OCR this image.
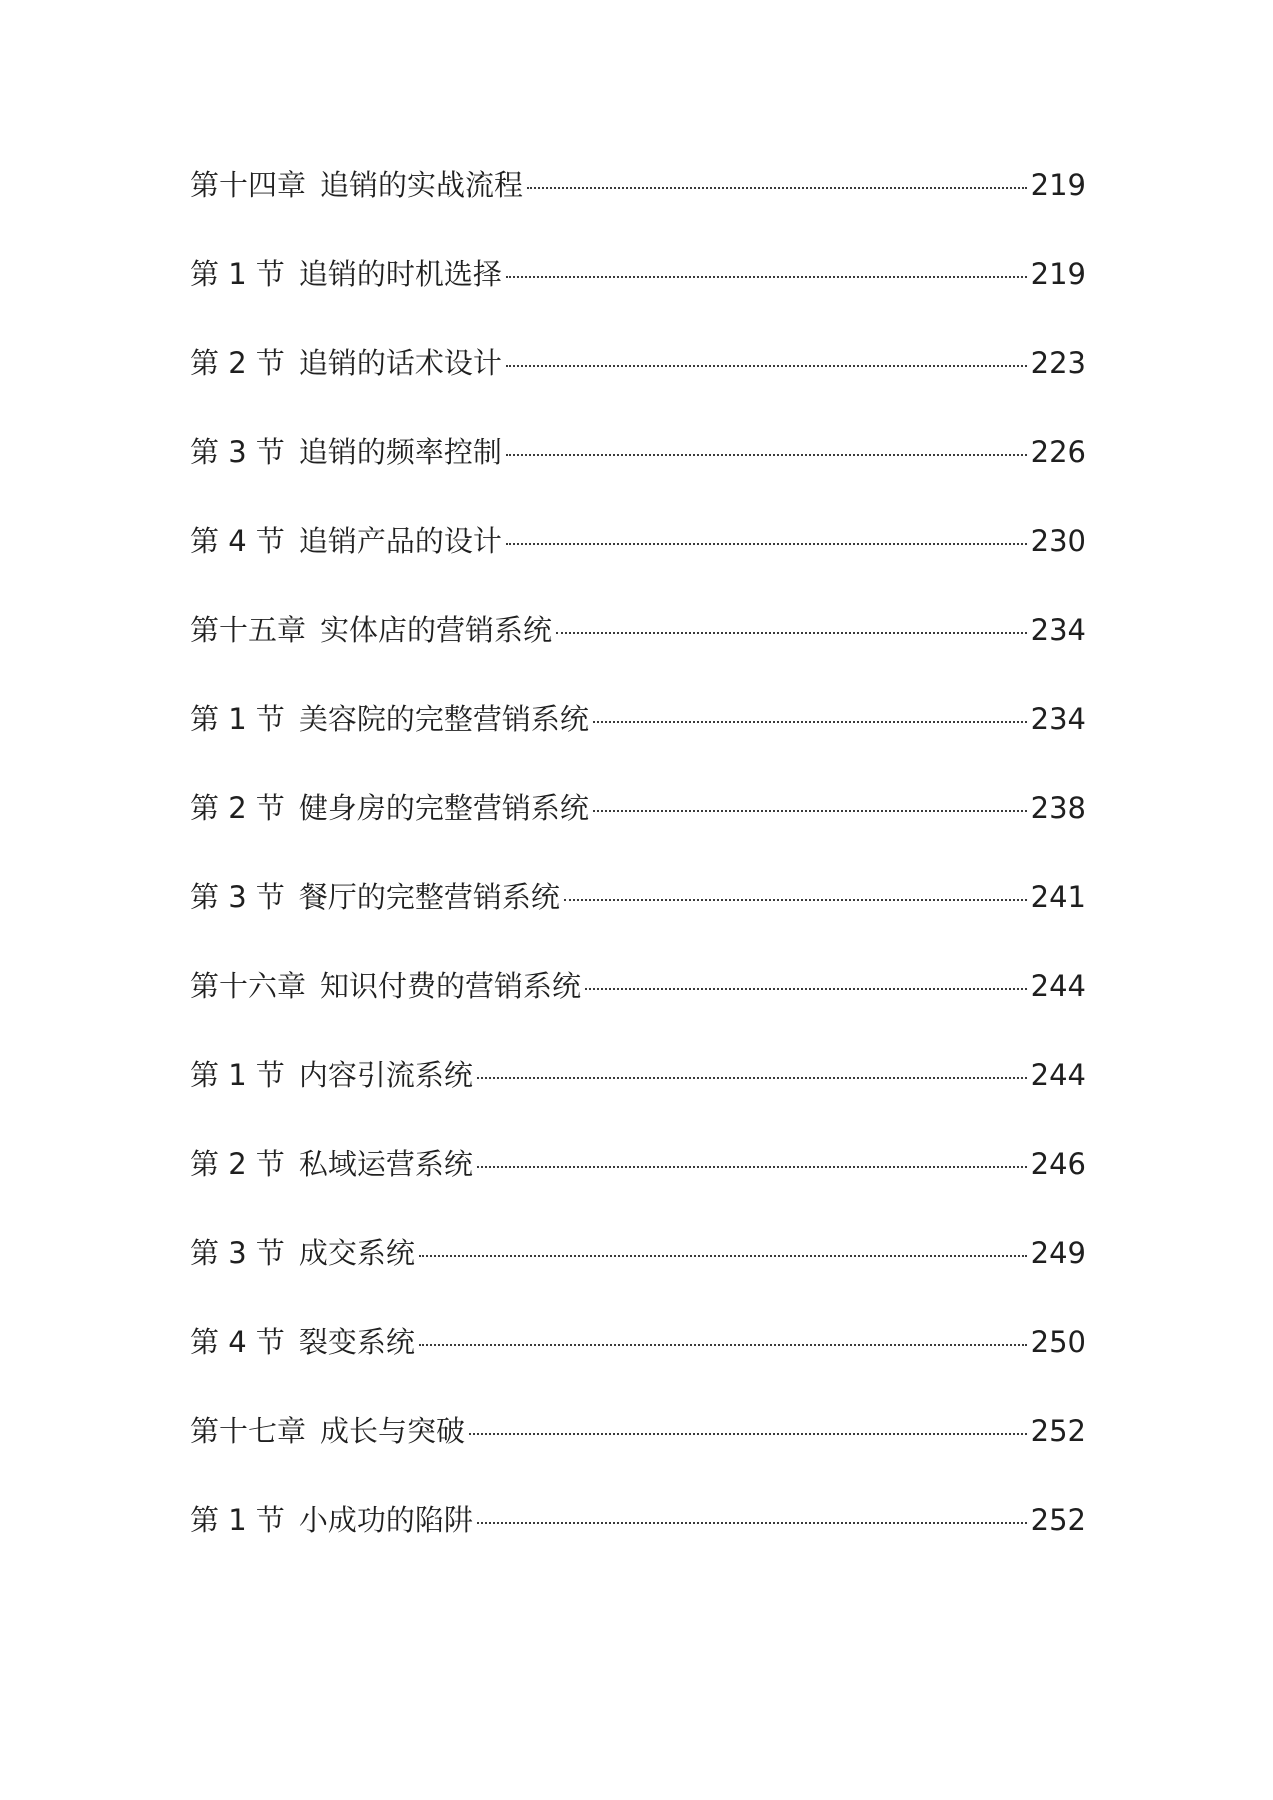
第十四章 追销的实战流程	219
第 1 节 追销的时机选择	219
第 2 节 追销的话术设计	223
第 3 节 追销的频率控制	226
第 4 节 追销产品的设计	230
第十五章 实体店的营销系统	234
第 1 节 美容院的完整营销系统	234
第 2 节 健身房的完整营销系统	238
第 3 节 餐厅的完整营销系统	241
第十六章 知识付费的营销系统	244
第 1 节 内容引流系统	244
第 2 节 私域运营系统	246
第 3 节 成交系统	249
第 4 节 裂变系统	250
第十七章 成长与突破	252
第 1 节 小成功的陷阱	252
